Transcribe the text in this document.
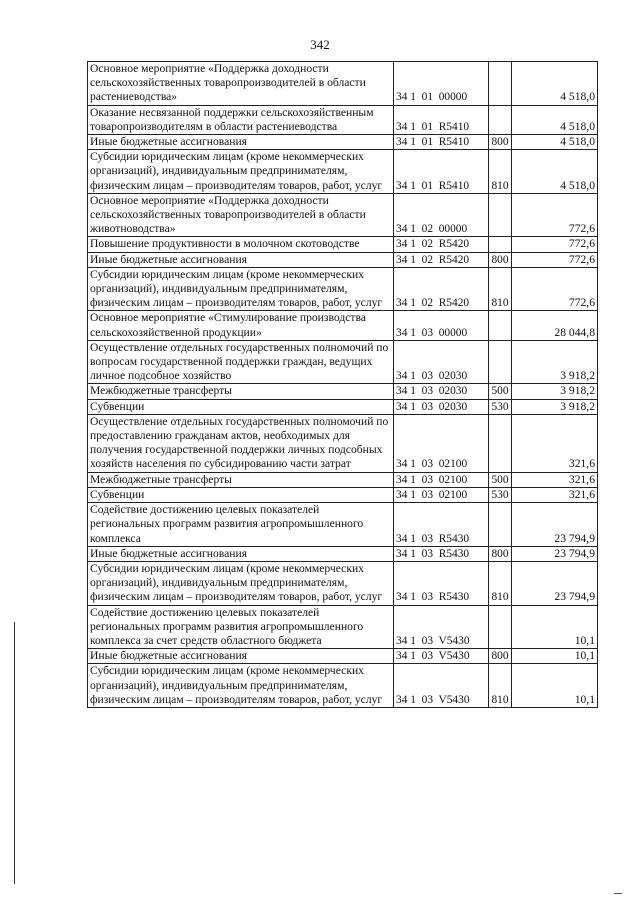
342
Основное мероприятие «Поддержка доходности сельскохозяйственных товаропроизводителей в области растениеводства»	34 1  01  00000		4 518,0
Оказание несвязанной поддержки сельскохозяйственным товаропроизводителям в области растениеводства	34 1  01  R5410		4 518,0
Иные бюджетные ассигнования	34 1  01  R5410	800	4 518,0
Субсидии юридическим лицам (кроме некоммерческих организаций), индивидуальным предпринимателям, физическим лицам – производителям товаров, работ, услуг	34 1  01  R5410	810	4 518,0
Основное мероприятие «Поддержка доходности сельскохозяйственных товаропроизводителей в области животноводства»	34 1  02  00000		772,6
Повышение продуктивности в молочном скотоводстве	34 1  02  R5420		772,6
Иные бюджетные ассигнования	34 1  02  R5420	800	772,6
Субсидии юридическим лицам (кроме некоммерческих организаций), индивидуальным предпринимателям, физическим лицам – производителям товаров, работ, услуг	34 1  02  R5420	810	772,6
Основное мероприятие «Стимулирование производства сельскохозяйственной продукции»	34 1  03  00000		28 044,8
Осуществление отдельных государственных полномочий по вопросам государственной поддержки граждан, ведущих личное подсобное хозяйство	34 1  03  02030		3 918,2
Межбюджетные трансферты	34 1  03  02030	500	3 918,2
Субвенции	34 1  03  02030	530	3 918,2
Осуществление отдельных государственных полномочий по предоставлению гражданам актов, необходимых для получения государственной поддержки личных подсобных хозяйств населения по субсидированию части затрат	34 1  03  02100		321,6
Межбюджетные трансферты	34 1  03  02100	500	321,6
Субвенции	34 1  03  02100	530	321,6
Содействие достижению целевых показателей региональных программ развития агропромышленного комплекса	34 1  03  R5430		23 794,9
Иные бюджетные ассигнования	34 1  03  R5430	800	23 794,9
Субсидии юридическим лицам (кроме некоммерческих организаций), индивидуальным предпринимателям, физическим лицам – производителям товаров, работ, услуг	34 1  03  R5430	810	23 794,9
Содействие достижению целевых показателей региональных программ развития агропромышленного комплекса за счет средств областного бюджета	34 1  03  V5430		10,1
Иные бюджетные ассигнования	34 1  03  V5430	800	10,1
Субсидии юридическим лицам (кроме некоммерческих организаций), индивидуальным предпринимателям, физическим лицам – производителям товаров, работ, услуг	34 1  03  V5430	810	10,1
